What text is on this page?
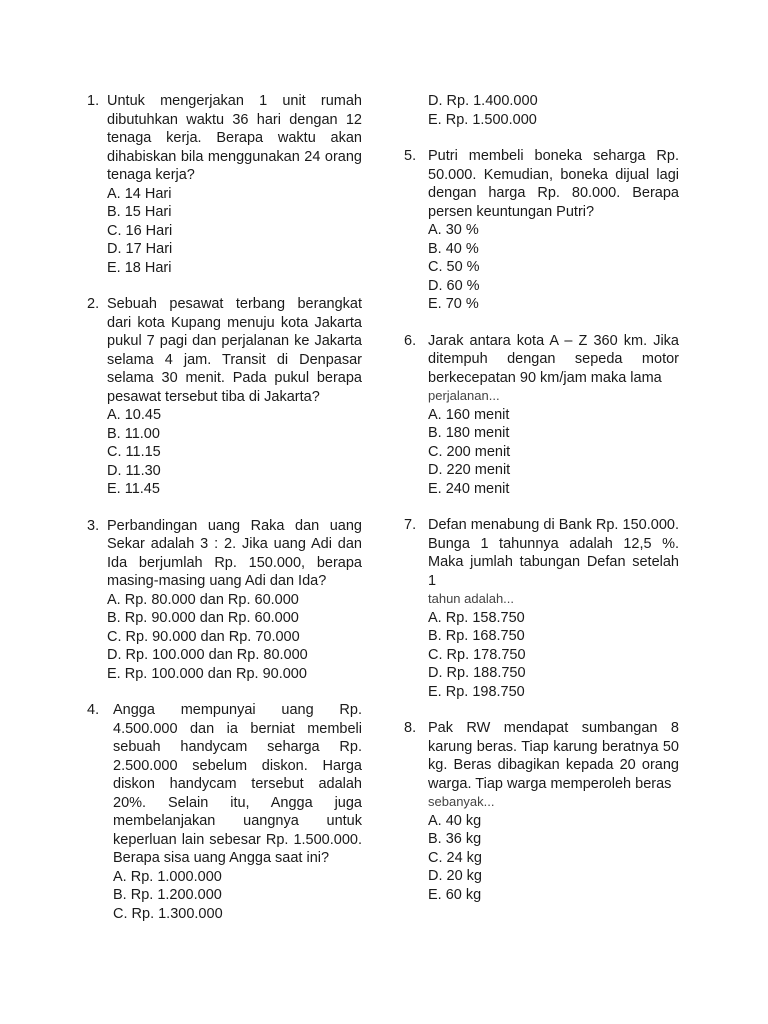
1. Untuk mengerjakan 1 unit rumah dibutuhkan waktu 36 hari dengan 12 tenaga kerja. Berapa waktu akan dihabiskan bila menggunakan 24 orang tenaga kerja?
A. 14 Hari
B. 15 Hari
C. 16 Hari
D. 17 Hari
E. 18 Hari
2. Sebuah pesawat terbang berangkat dari kota Kupang menuju kota Jakarta pukul 7 pagi dan perjalanan ke Jakarta selama 4 jam. Transit di Denpasar selama 30 menit. Pada pukul berapa pesawat tersebut tiba di Jakarta?
A. 10.45
B. 11.00
C. 11.15
D. 11.30
E. 11.45
3. Perbandingan uang Raka dan uang Sekar adalah 3 : 2. Jika uang Adi dan Ida berjumlah Rp. 150.000, berapa masing-masing uang Adi dan Ida?
A. Rp. 80.000 dan Rp. 60.000
B. Rp. 90.000 dan Rp. 60.000
C. Rp. 90.000 dan Rp. 70.000
D. Rp. 100.000 dan Rp. 80.000
E. Rp. 100.000 dan Rp. 90.000
4. Angga mempunyai uang Rp. 4.500.000 dan ia berniat membeli sebuah handycam seharga Rp. 2.500.000 sebelum diskon. Harga diskon handycam tersebut adalah 20%. Selain itu, Angga juga membelanjakan uangnya untuk keperluan lain sebesar Rp. 1.500.000. Berapa sisa uang Angga saat ini?
A. Rp. 1.000.000
B. Rp. 1.200.000
C. Rp. 1.300.000
D. Rp. 1.400.000
E. Rp. 1.500.000
5. Putri membeli boneka seharga Rp. 50.000. Kemudian, boneka dijual lagi dengan harga Rp. 80.000. Berapa persen keuntungan Putri?
A. 30 %
B. 40 %
C. 50 %
D. 60 %
E. 70 %
6. Jarak antara kota A – Z 360 km. Jika ditempuh dengan sepeda motor berkecepatan 90 km/jam maka lama
perjalanan...
A. 160 menit
B. 180 menit
C. 200 menit
D. 220 menit
E. 240 menit
7. Defan menabung di Bank Rp. 150.000. Bunga 1 tahunnya adalah 12,5 %. Maka jumlah tabungan Defan setelah 1
tahun adalah...
A. Rp. 158.750
B. Rp. 168.750
C. Rp. 178.750
D. Rp. 188.750
E. Rp. 198.750
8. Pak RW mendapat sumbangan 8 karung beras. Tiap karung beratnya 50 kg. Beras dibagikan kepada 20 orang warga. Tiap warga memperoleh beras
sebanyak...
A. 40 kg
B. 36 kg
C. 24 kg
D. 20 kg
E. 60 kg
